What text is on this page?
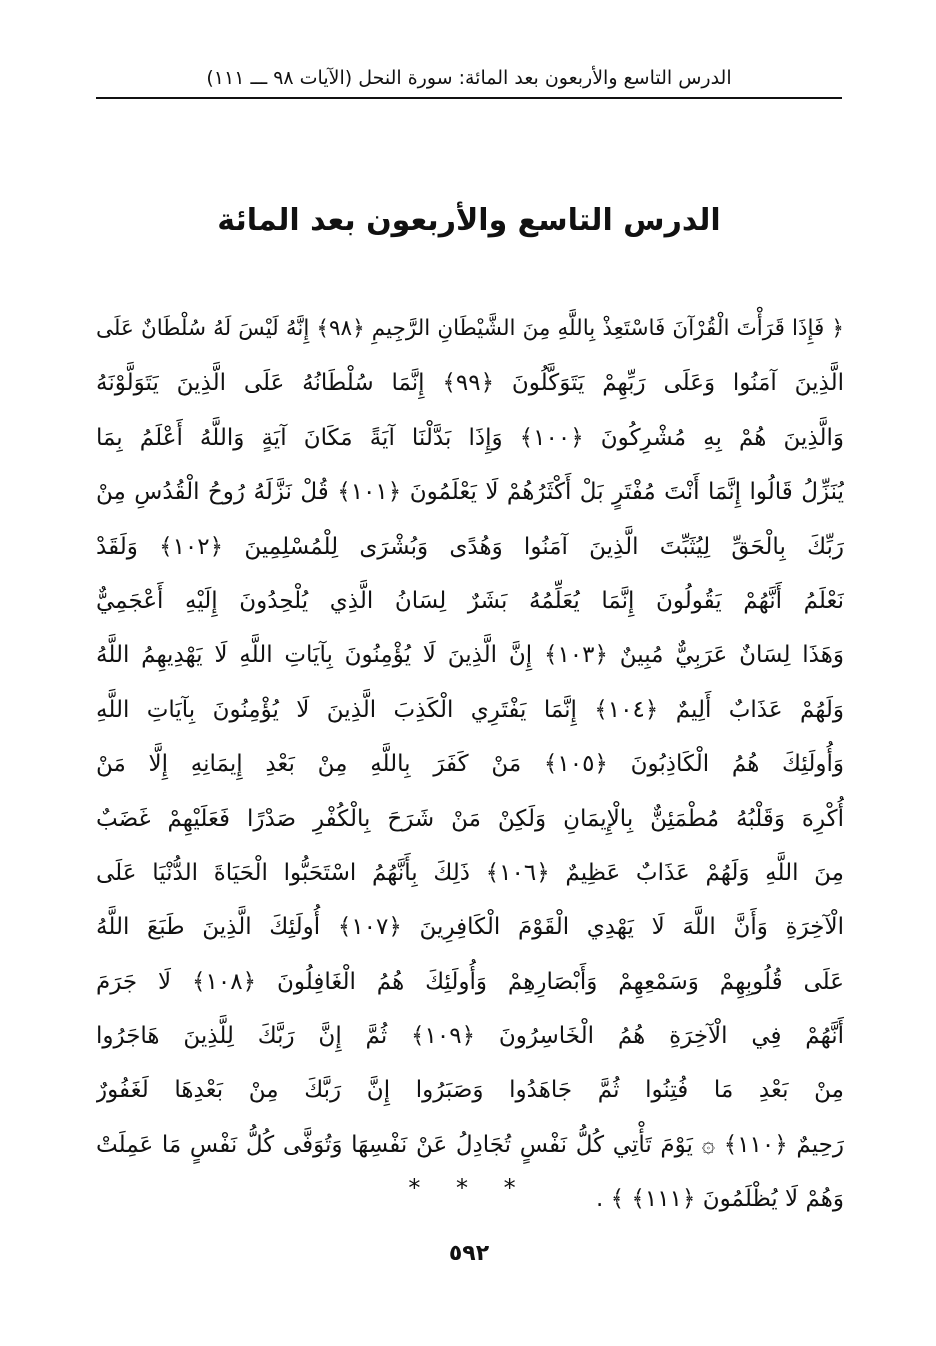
الدرس التاسع والأربعون بعد المائة: سورة النحل (الآيات ٩٨ ـــ ١١١)
الدرس التاسع والأربعون بعد المائة
﴿ فَإِذَا قَرَأْتَ الْقُرْآنَ فَاسْتَعِذْ بِاللَّهِ مِنَ الشَّيْطَانِ الرَّجِيمِ ﴿٩٨﴾ إِنَّهُ لَيْسَ لَهُ سُلْطَانٌ عَلَى
الَّذِينَ آمَنُوا وَعَلَى رَبِّهِمْ يَتَوَكَّلُونَ ﴿٩٩﴾ إِنَّمَا سُلْطَانُهُ عَلَى الَّذِينَ يَتَوَلَّوْنَهُ
وَالَّذِينَ هُمْ بِهِ مُشْرِكُونَ ﴿١٠٠﴾ وَإِذَا بَدَّلْنَا آيَةً مَكَانَ آيَةٍ وَاللَّهُ أَعْلَمُ بِمَا
يُنَزِّلُ قَالُوا إِنَّمَا أَنْتَ مُفْتَرٍ بَلْ أَكْثَرُهُمْ لَا يَعْلَمُونَ ﴿١٠١﴾ قُلْ نَزَّلَهُ رُوحُ الْقُدُسِ مِنْ
رَبِّكَ بِالْحَقِّ لِيُثَبِّتَ الَّذِينَ آمَنُوا وَهُدًى وَبُشْرَى لِلْمُسْلِمِينَ ﴿١٠٢﴾ وَلَقَدْ
نَعْلَمُ أَنَّهُمْ يَقُولُونَ إِنَّمَا يُعَلِّمُهُ بَشَرٌ لِسَانُ الَّذِي يُلْحِدُونَ إِلَيْهِ أَعْجَمِيٌّ
وَهَذَا لِسَانٌ عَرَبِيٌّ مُبِينٌ ﴿١٠٣﴾ إِنَّ الَّذِينَ لَا يُؤْمِنُونَ بِآيَاتِ اللَّهِ لَا يَهْدِيهِمُ اللَّهُ
وَلَهُمْ عَذَابٌ أَلِيمٌ ﴿١٠٤﴾ إِنَّمَا يَفْتَرِي الْكَذِبَ الَّذِينَ لَا يُؤْمِنُونَ بِآيَاتِ اللَّهِ
وَأُولَئِكَ هُمُ الْكَاذِبُونَ ﴿١٠٥﴾ مَنْ كَفَرَ بِاللَّهِ مِنْ بَعْدِ إِيمَانِهِ إِلَّا مَنْ
أُكْرِهَ وَقَلْبُهُ مُطْمَئِنٌّ بِالْإِيمَانِ وَلَكِنْ مَنْ شَرَحَ بِالْكُفْرِ صَدْرًا فَعَلَيْهِمْ غَضَبٌ
مِنَ اللَّهِ وَلَهُمْ عَذَابٌ عَظِيمٌ ﴿١٠٦﴾ ذَلِكَ بِأَنَّهُمُ اسْتَحَبُّوا الْحَيَاةَ الدُّنْيَا عَلَى
الْآخِرَةِ وَأَنَّ اللَّهَ لَا يَهْدِي الْقَوْمَ الْكَافِرِينَ ﴿١٠٧﴾ أُولَئِكَ الَّذِينَ طَبَعَ اللَّهُ
عَلَى قُلُوبِهِمْ وَسَمْعِهِمْ وَأَبْصَارِهِمْ وَأُولَئِكَ هُمُ الْغَافِلُونَ ﴿١٠٨﴾ لَا جَرَمَ
أَنَّهُمْ فِي الْآخِرَةِ هُمُ الْخَاسِرُونَ ﴿١٠٩﴾ ثُمَّ إِنَّ رَبَّكَ لِلَّذِينَ هَاجَرُوا
مِنْ بَعْدِ مَا فُتِنُوا ثُمَّ جَاهَدُوا وَصَبَرُوا إِنَّ رَبَّكَ مِنْ بَعْدِهَا لَغَفُورٌ
رَحِيمٌ ﴿١١٠﴾ ۞ يَوْمَ تَأْتِي كُلُّ نَفْسٍ تُجَادِلُ عَنْ نَفْسِهَا وَتُوَفَّى كُلُّ نَفْسٍ مَا عَمِلَتْ
وَهُمْ لَا يُظْلَمُونَ ﴿١١١﴾ ﴾ .
* * *
٥٩٢
